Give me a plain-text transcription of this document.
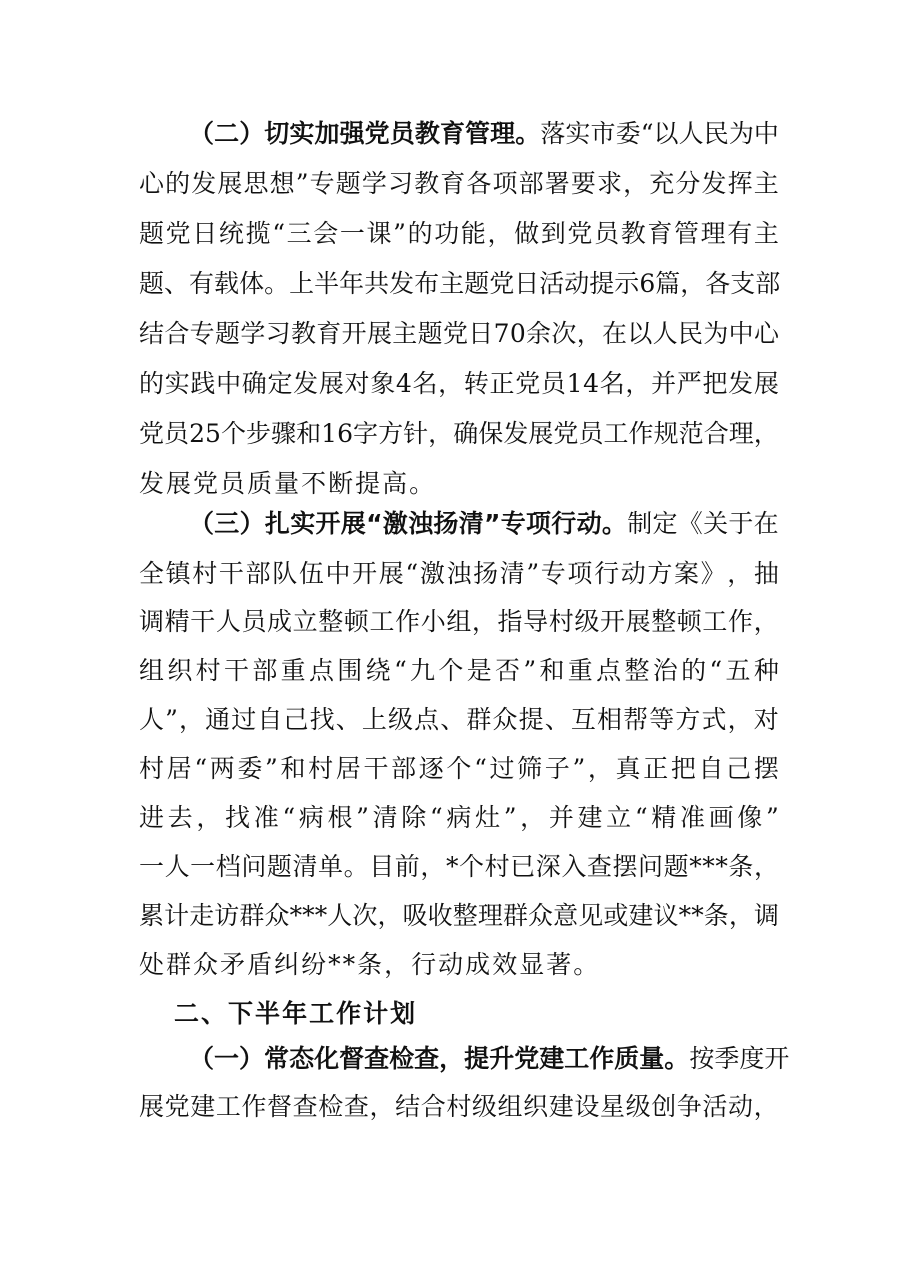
（ 二 ） 切 实 加 强 党 员 教 育 管 理 。 落 实 市 委 “ 以 人 民 为 中
心 的 发 展 思 想 ” 专 题 学 习 教 育 各 项 部 署 要 求 ， 充 分 发 挥 主
题 党 日 统 揽 “ 三 会 一 课 ” 的 功 能 ， 做 到 党 员 教 育 管 理 有 主
题 、 有 载 体 。 上 半 年 共 发 布 主 题 党 日 活 动 提 示 6 篇 ， 各 支 部
结 合 专 题 学 习 教 育 开 展 主 题 党 日 7 0 余 次 ， 在 以 人 民 为 中 心
的 实 践 中 确 定 发 展 对 象 4 名 ， 转 正 党 员 1 4 名 ， 并 严 把 发 展
党 员 2 5 个 步 骤 和 1 6 字 方 针 ， 确 保 发 展 党 员 工 作 规 范 合 理 ，
发 展 党 员 质 量 不 断 提 高 。
（ 三 ） 扎 实 开 展 “ 激 浊 扬 清 ” 专 项 行 动 。 制 定 《 关 于 在
全 镇 村 干 部 队 伍 中 开 展 “ 激 浊 扬 清 ” 专 项 行 动 方 案 》 ， 抽
调 精 干 人 员 成 立 整 顿 工 作 小 组 ， 指 导 村 级 开 展 整 顿 工 作 ，
组 织 村 干 部 重 点 围 绕 “ 九 个 是 否 ” 和 重 点 整 治 的 “ 五 种
人 ” ， 通 过 自 己 找 、 上 级 点 、 群 众 提 、 互 相 帮 等 方 式 ， 对
村 居 “ 两 委 ” 和 村 居 干 部 逐 个 “ 过 筛 子 ” ， 真 正 把 自 己 摆
进 去 ， 找 准 “ 病 根 ” 清 除 “ 病 灶 ” ， 并 建 立 “ 精 准 画 像 ”
一 人 一 档 问 题 清 单 。 目 前 ， * 个 村 已 深 入 查 摆 问 题 * * * 条 ，
累 计 走 访 群 众 * * * 人 次 ， 吸 收 整 理 群 众 意 见 或 建 议 * * 条 ， 调
处 群 众 矛 盾 纠 纷 * * 条 ， 行 动 成 效 显 著 。
二 、 下 半 年 工 作 计 划
（ 一 ） 常 态 化 督 查 检 查 ， 提 升 党 建 工 作 质 量 。 按 季 度 开
展 党 建 工 作 督 查 检 查 ， 结 合 村 级 组 织 建 设 星 级 创 争 活 动 ，
